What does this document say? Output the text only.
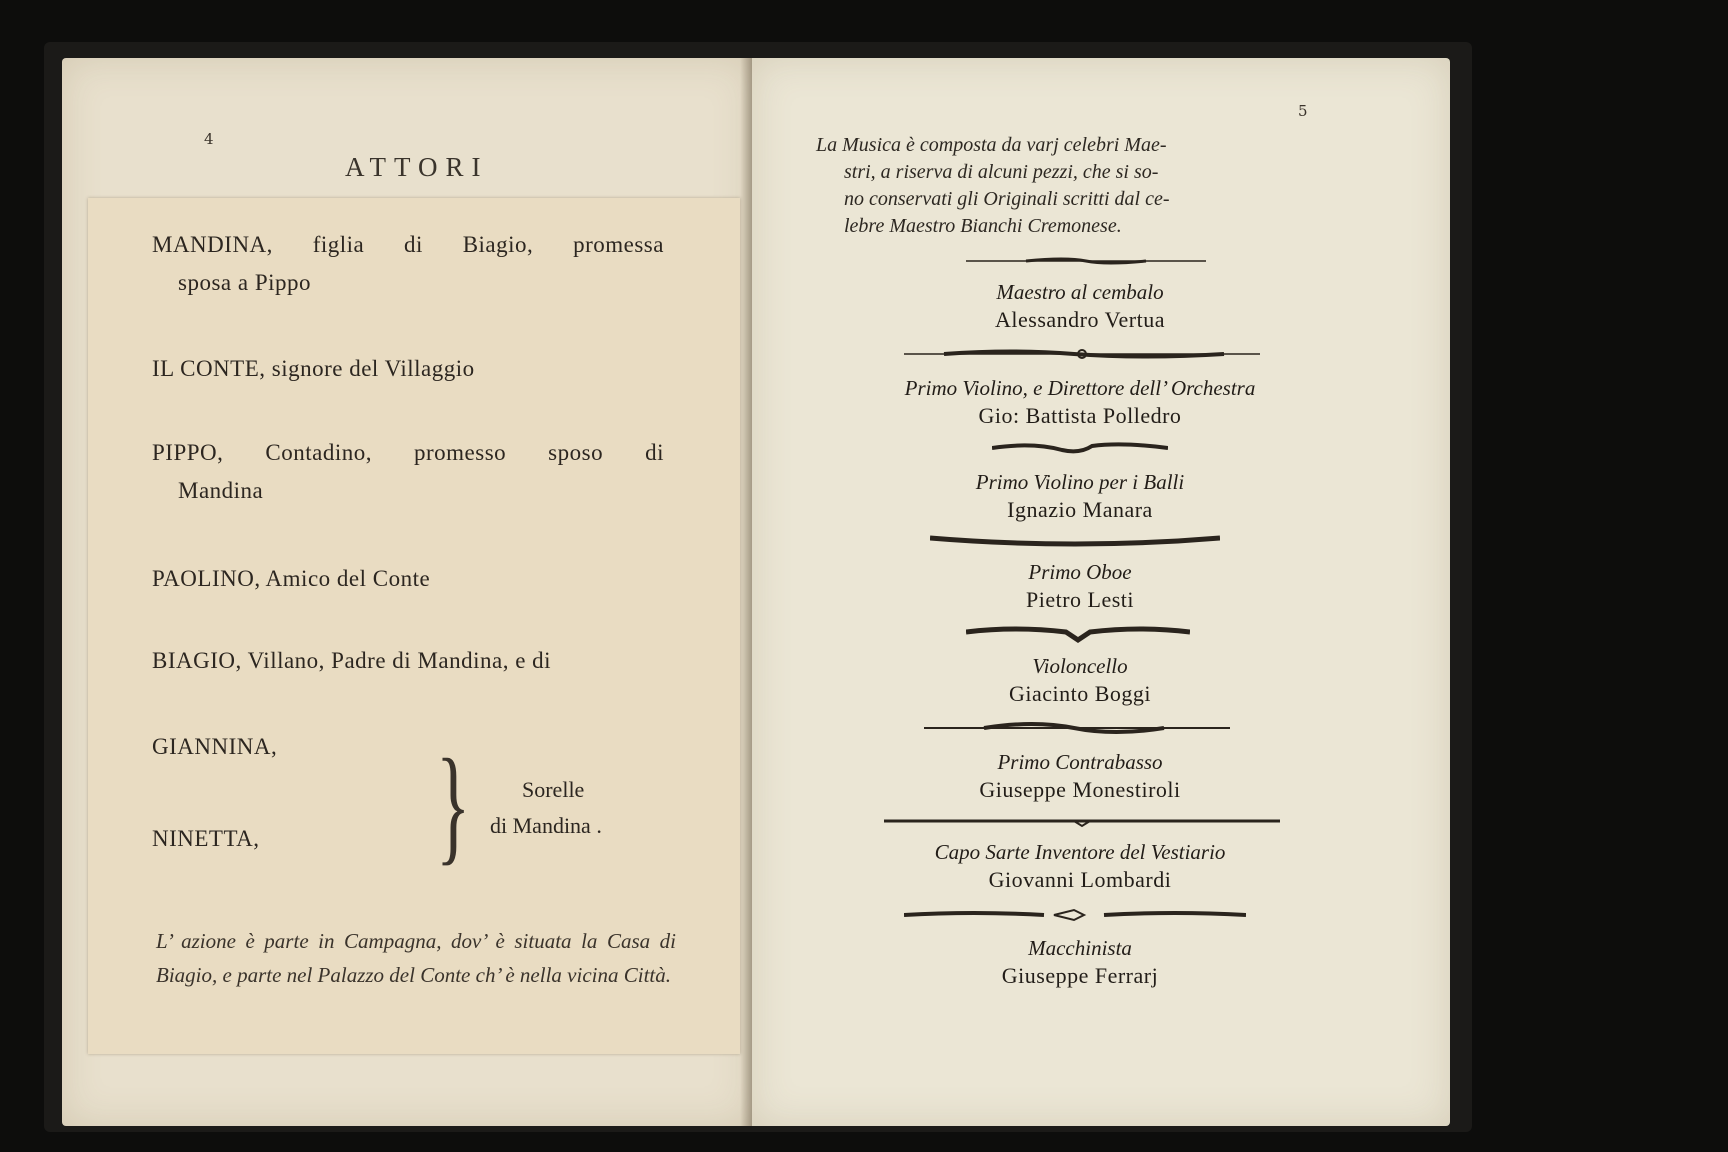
4
ATTORI
MANDINA, figlia di Biagio, promessa
sposa a Pippo
IL CONTE, signore del Villaggio
PIPPO, Contadino, promesso sposo di
Mandina
PAOLINO, Amico del Conte
BIAGIO, Villano, Padre di Mandina, e di
GIANNINA,
NINETTA, }	Sorelle
di Mandina .
L’ azione è parte in Campagna, dov’ è situata la Casa di Biagio, e parte nel Palazzo del Conte ch’ è nella vicina Città.
5
La Musica è composta da varj celebri Mae-
stri, a riserva di alcuni pezzi, che si so-
no conservati gli Originali scritti dal ce-
lebre Maestro Bianchi Cremonese.
Maestro al cembalo
Alessandro Vertua
Primo Violino, e Direttore dell’ Orchestra
Gio: Battista Polledro
Primo Violino per i Balli
Ignazio Manara
Primo Oboe
Pietro Lesti
Violoncello
Giacinto Boggi
Primo Contrabasso
Giuseppe Monestiroli
Capo Sarte Inventore del Vestiario
Giovanni Lombardi
Macchinista
Giuseppe Ferrarj
